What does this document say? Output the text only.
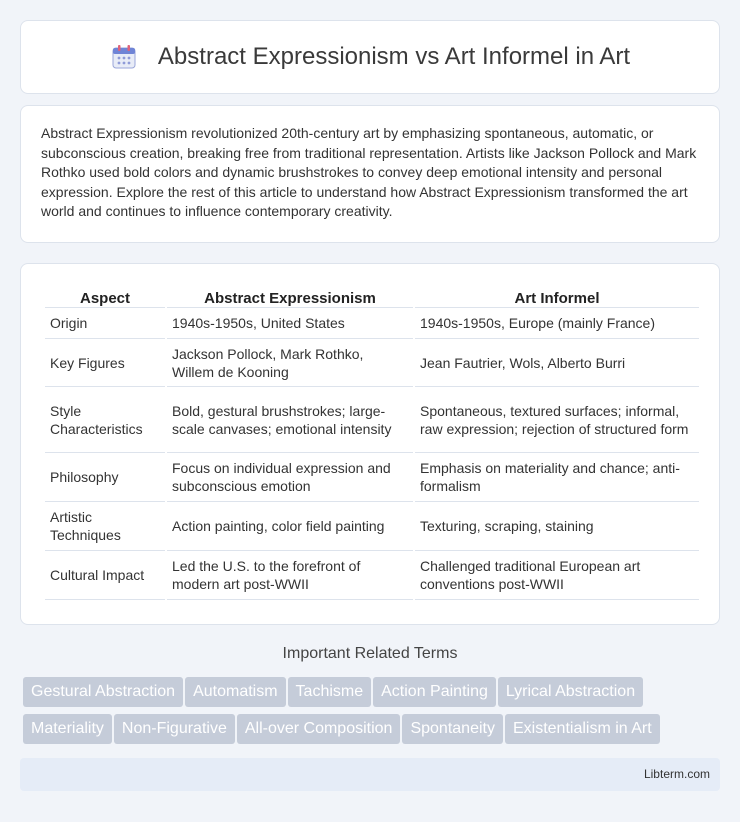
Abstract Expressionism vs Art Informel in Art

Abstract Expressionism revolutionized 20th-century art by emphasizing spontaneous, automatic, or subconscious creation, breaking free from traditional representation. Artists like Jackson Pollock and Mark Rothko used bold colors and dynamic brushstrokes to convey deep emotional intensity and personal expression. Explore the rest of this article to understand how Abstract Expressionism transformed the art world and continues to influence contemporary creativity.

Aspect	Abstract Expressionism	Art Informel
Origin	1940s-1950s, United States	1940s-1950s, Europe (mainly France)
Key Figures	Jackson Pollock, Mark Rothko, Willem de Kooning	Jean Fautrier, Wols, Alberto Burri
Style Characteristics	Bold, gestural brushstrokes; large-scale canvases; emotional intensity	Spontaneous, textured surfaces; informal, raw expression; rejection of structured form
Philosophy	Focus on individual expression and subconscious emotion	Emphasis on materiality and chance; anti-formalism
Artistic Techniques	Action painting, color field painting	Texturing, scraping, staining
Cultural Impact	Led the U.S. to the forefront of modern art post-WWII	Challenged traditional European art conventions post-WWII
Important Related Terms
Gestural Abstraction Automatism Tachisme Action Painting Lyrical Abstraction
Materiality Non-Figurative All-over Composition Spontaneity Existentialism in Art
Libterm.com
